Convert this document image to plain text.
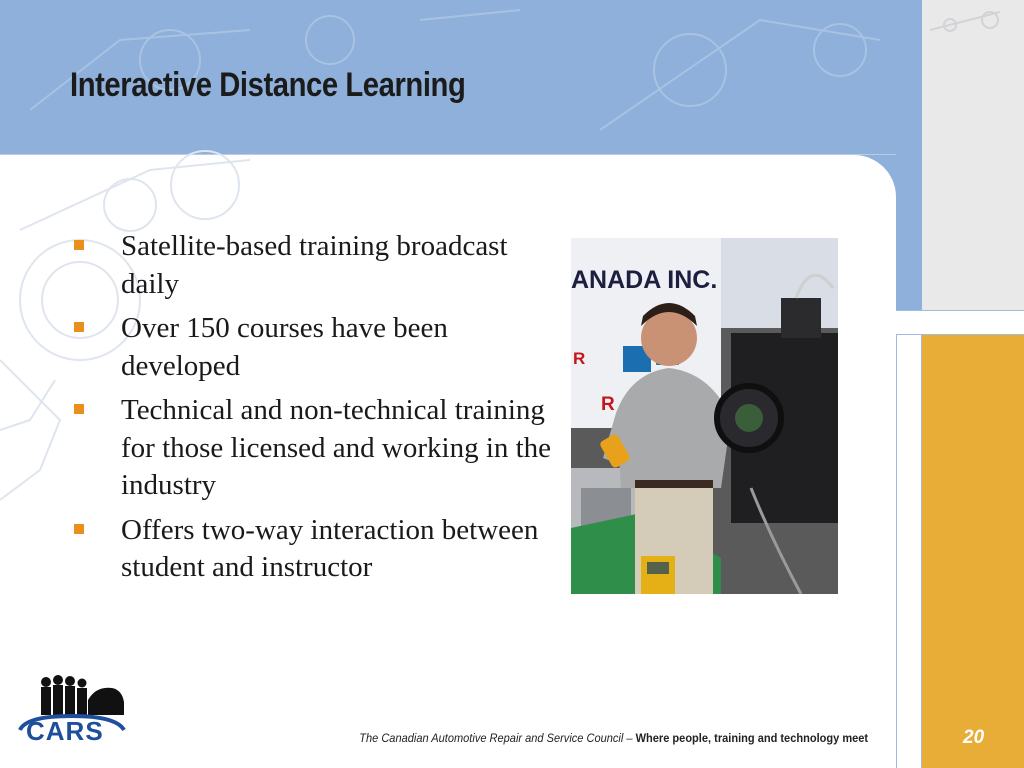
Interactive Distance Learning
Satellite-based training broadcast daily
Over 150 courses have been developed
Technical and non-technical training for those licensed and working in the industry
Offers two-way interaction between student and instructor
ANADA INC.
R
R
CARS	The Canadian Automotive Repair and Service Council – Where people, training and technology meet	20
